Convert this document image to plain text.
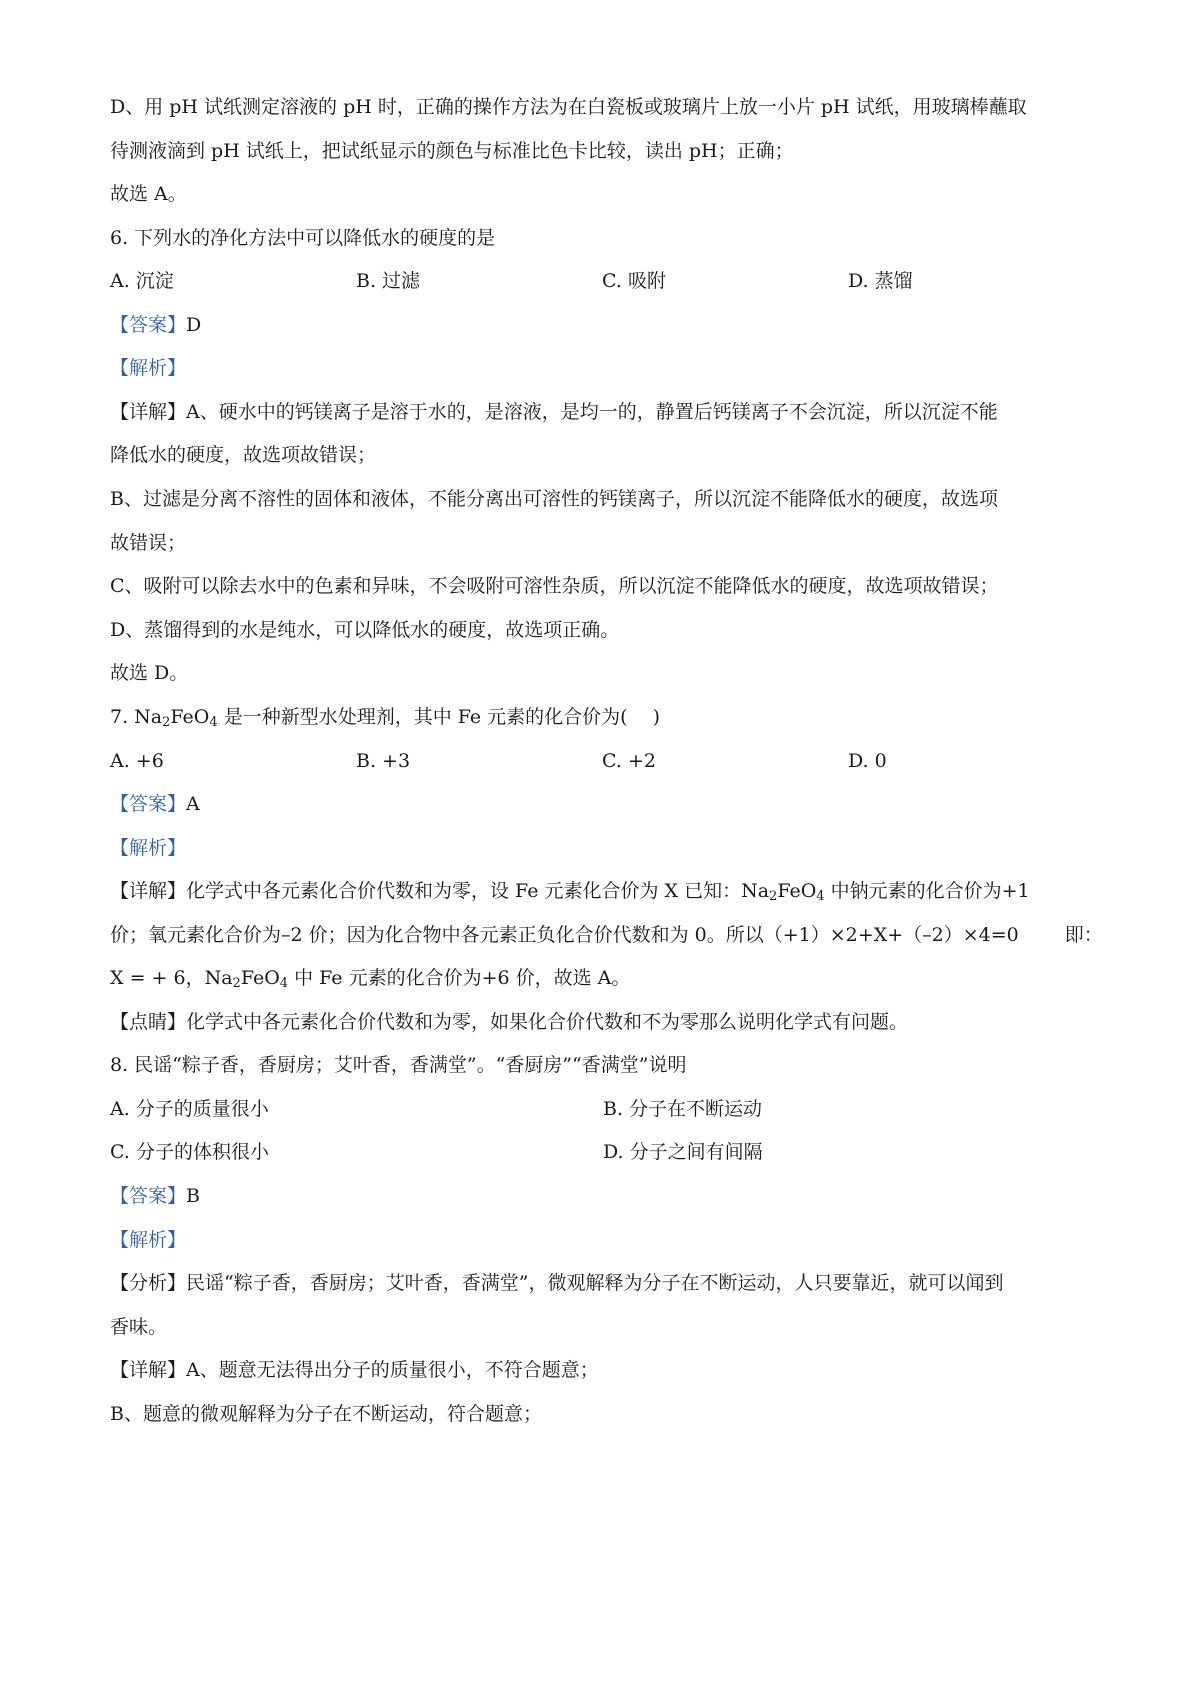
D、用 pH 试纸测定溶液的 pH 时，正确的操作方法为在白瓷板或玻璃片上放一小片 pH 试纸，用玻璃棒蘸取
待测液滴到 pH 试纸上，把试纸显示的颜色与标准比色卡比较，读出 pH；正确；
故选 A。
6. 下列水的净化方法中可以降低水的硬度的是
A. 沉淀	B. 过滤	C. 吸附	D. 蒸馏
【答案】D
【解析】
【详解】A、硬水中的钙镁离子是溶于水的，是溶液，是均一的，静置后钙镁离子不会沉淀，所以沉淀不能
降低水的硬度，故选项故错误；
B、过滤是分离不溶性的固体和液体，不能分离出可溶性的钙镁离子，所以沉淀不能降低水的硬度，故选项
故错误；
C、吸附可以除去水中的色素和异味，不会吸附可溶性杂质，所以沉淀不能降低水的硬度，故选项故错误；
D、蒸馏得到的水是纯水，可以降低水的硬度，故选项正确。
故选 D。
7. $Na_2FeO_4$ 是一种新型水处理剂，其中 Fe 元素的化合价为(　 )
A. +6	B. +3	C. +2	D. 0
【答案】A
【解析】
【详解】化学式中各元素化合价代数和为零，设 Fe 元素化合价为 X 已知：$Na_2FeO_4$ 中钠元素的化合价为+1
价；氧元素化合价为–2 价；因为化合物中各元素正负化合价代数和为 0。所以（+1）×2+X+（–2）×4=0 即：
X = + 6，$Na_2FeO_4$ 中 Fe 元素的化合价为+6 价，故选 A。
【点睛】化学式中各元素化合价代数和为零，如果化合价代数和不为零那么说明化学式有问题。
8. 民谣“粽子香，香厨房；艾叶香，香满堂”。“香厨房”“香满堂”说明
A. 分子的质量很小	B. 分子在不断运动
C. 分子的体积很小	D. 分子之间有间隔
【答案】B
【解析】
【分析】民谣“粽子香，香厨房；艾叶香，香满堂”，微观解释为分子在不断运动，人只要靠近，就可以闻到
香味。
【详解】A、题意无法得出分子的质量很小，不符合题意；
B、题意的微观解释为分子在不断运动，符合题意；
